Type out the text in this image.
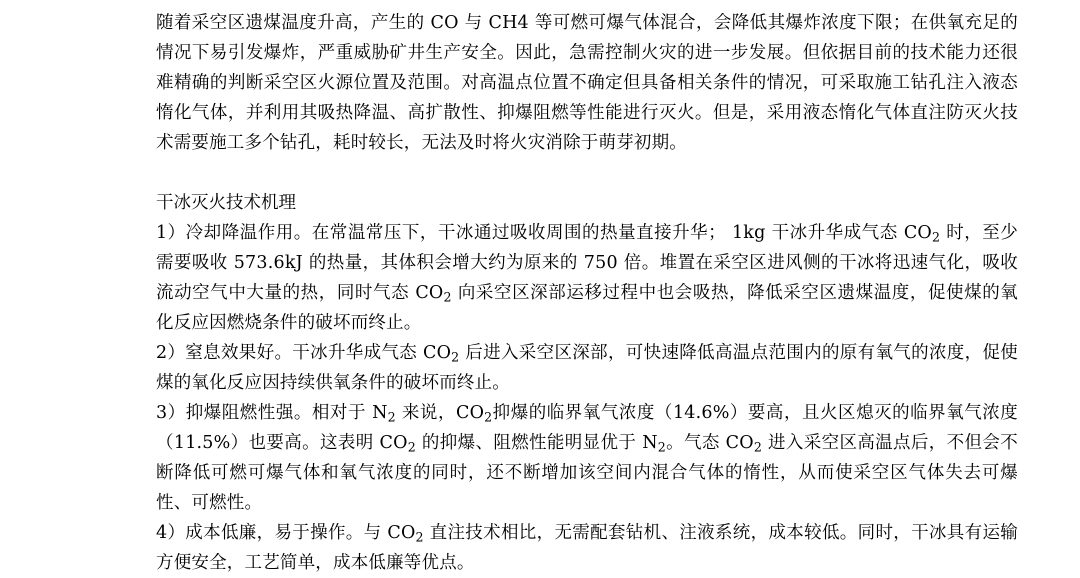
随着采空区遗煤温度升高，产生的 CO 与 CH4 等可燃可爆气体混合，会降低其爆炸浓度下限；在供氧充足的情况下易引发爆炸，严重威胁矿井生产安全。因此，急需控制火灾的进一步发展。但依据目前的技术能力还很难精确的判断采空区火源位置及范围。对高温点位置不确定但具备相关条件的情况，可采取施工钻孔注入液态惰化气体，并利用其吸热降温、高扩散性、抑爆阻燃等性能进行灭火。但是，采用液态惰化气体直注防灭火技术需要施工多个钻孔，耗时较长，无法及时将火灾消除于萌芽初期。

干冰灭火技术机理

1）冷却降温作用。在常温常压下，干冰通过吸收周围的热量直接升华； 1kg 干冰升华成气态 $CO_2$ 时，至少需要吸收 573.6kJ 的热量，其体积会增大约为原来的 750 倍。堆置在采空区进风侧的干冰将迅速气化，吸收流动空气中大量的热，同时气态 $CO_2$ 向采空区深部运移过程中也会吸热，降低采空区遗煤温度，促使煤的氧化反应因燃烧条件的破坏而终止。

2）窒息效果好。干冰升华成气态 $CO_2$ 后进入采空区深部，可快速降低高温点范围内的原有氧气的浓度，促使煤的氧化反应因持续供氧条件的破坏而终止。

3）抑爆阻燃性强。相对于 $N_2$ 来说，$CO_2$抑爆的临界氧气浓度（14.6%）要高，且火区熄灭的临界氧气浓度（11.5%）也要高。这表明 $CO_2$ 的抑爆、阻燃性能明显优于 $N_2$。气态 $CO_2$ 进入采空区高温点后，不但会不断降低可燃可爆气体和氧气浓度的同时，还不断增加该空间内混合气体的惰性，从而使采空区气体失去可爆性、可燃性。

4）成本低廉，易于操作。与 $CO_2$ 直注技术相比，无需配套钻机、注液系统，成本较低。同时，干冰具有运输方便安全，工艺简单，成本低廉等优点。
